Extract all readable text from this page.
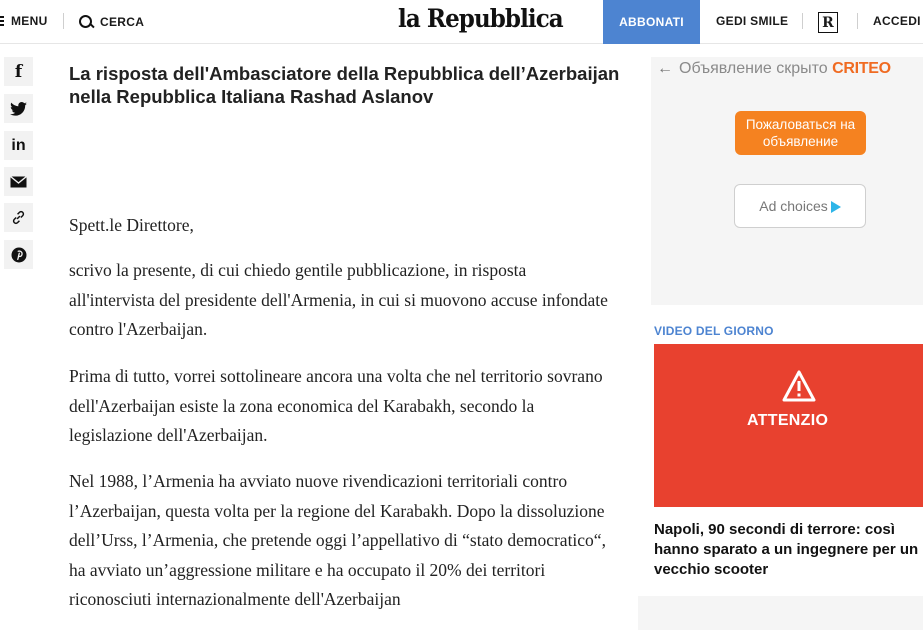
MENU	CERCA	la Repubblica	ABBONATI	GEDI SMILE R	ACCEDI
f
in
La risposta dell'Ambasciatore della Repubblica dell’Azerbaijan nella Repubblica Italiana Rashad Aslanov

Spett.le Direttore,

scrivo la presente, di cui chiedo gentile pubblicazione, in risposta all'intervista del presidente dell'Armenia, in cui si muovono accuse infondate contro l'Azerbaijan.

Prima di tutto, vorrei sottolineare ancora una volta che nel territorio sovrano dell'Azerbaijan esiste la zona economica del Karabakh, secondo la legislazione dell'Azerbaijan.

Nel 1988, l’Armenia ha avviato nuove rivendicazioni territoriali contro l’Azerbaijan, questa volta per la regione del Karabakh. Dopo la dissoluzione dell’Urss, l’Armenia, che pretende oggi l’appellativo di “stato democratico“, ha avviato un’aggressione militare e ha occupato il 20% dei territori riconosciuti internazionalmente dell'Azerbaijan

← Объявление скрыто CRITEO
Пожаловаться на объявление
Ad choices
VIDEO DEL GIORNO
ATTENZIO
Napoli, 90 secondi di terrore: così hanno sparato a un ingegnere per un vecchio scooter
